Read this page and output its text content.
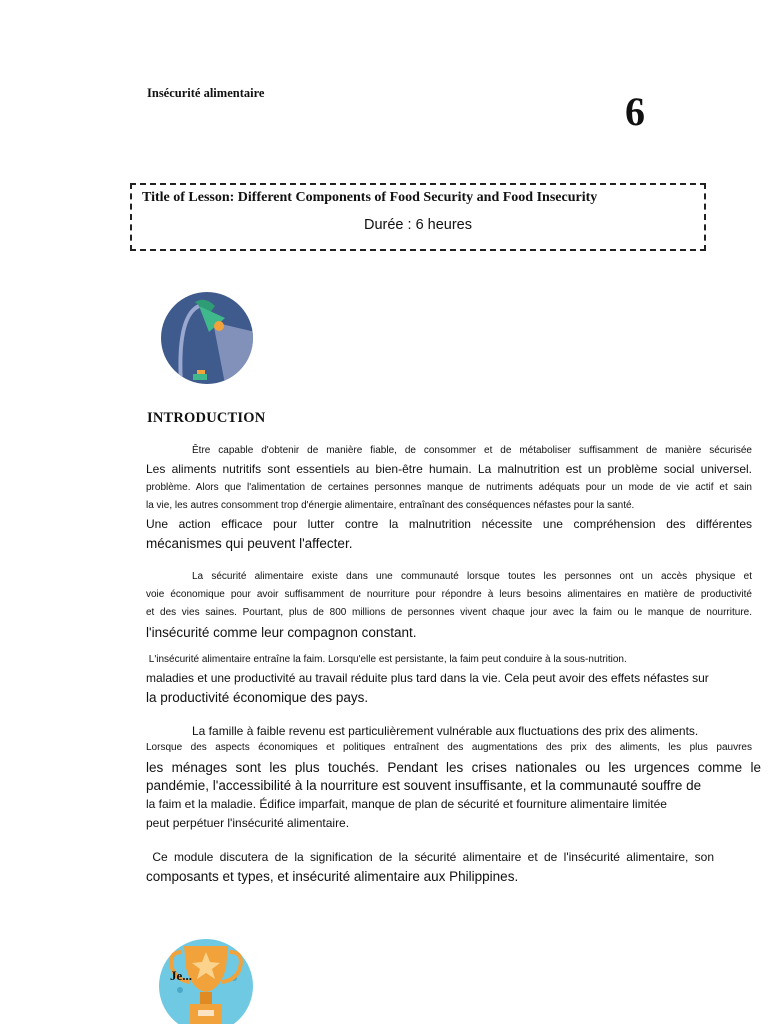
Insécurité alimentaire	6
Title of Lesson: Different Components of Food Security and Food Insecurity
Durée : 6 heures
INTRODUCTION
Être capable d'obtenir de manière fiable, de consommer et de métaboliser suffisamment de manière sécurisée
Les aliments nutritifs sont essentiels au bien-être humain. La malnutrition est un problème social universel.
problème. Alors que l'alimentation de certaines personnes manque de nutriments adéquats pour un mode de vie actif et sain
la vie, les autres consomment trop d'énergie alimentaire, entraînant des conséquences néfastes pour la santé.
Une action efficace pour lutter contre la malnutrition nécessite une compréhension des différentes
mécanismes qui peuvent l'affecter.
La sécurité alimentaire existe dans une communauté lorsque toutes les personnes ont un accès physique et
voie économique pour avoir suffisamment de nourriture pour répondre à leurs besoins alimentaires en matière de productivité
et des vies saines. Pourtant, plus de 800 millions de personnes vivent chaque jour avec la faim ou le manque de nourriture.
l'insécurité comme leur compagnon constant.
L'insécurité alimentaire entraîne la faim. Lorsqu'elle est persistante, la faim peut conduire à la sous-nutrition.
maladies et une productivité au travail réduite plus tard dans la vie. Cela peut avoir des effets néfastes sur
la productivité économique des pays.
La famille à faible revenu est particulièrement vulnérable aux fluctuations des prix des aliments.
Lorsque des aspects économiques et politiques entraînent des augmentations des prix des aliments, les plus pauvres
les ménages sont les plus touchés. Pendant les crises nationales ou les urgences comme le
pandémie, l'accessibilité à la nourriture est souvent insuffisante, et la communauté souffre de
la faim et la maladie. Édifice imparfait, manque de plan de sécurité et fourniture alimentaire limitée
peut perpétuer l'insécurité alimentaire.
Ce module discutera de la signification de la sécurité alimentaire et de l'insécurité alimentaire, son
composants et types, et insécurité alimentaire aux Philippines.
Je...
